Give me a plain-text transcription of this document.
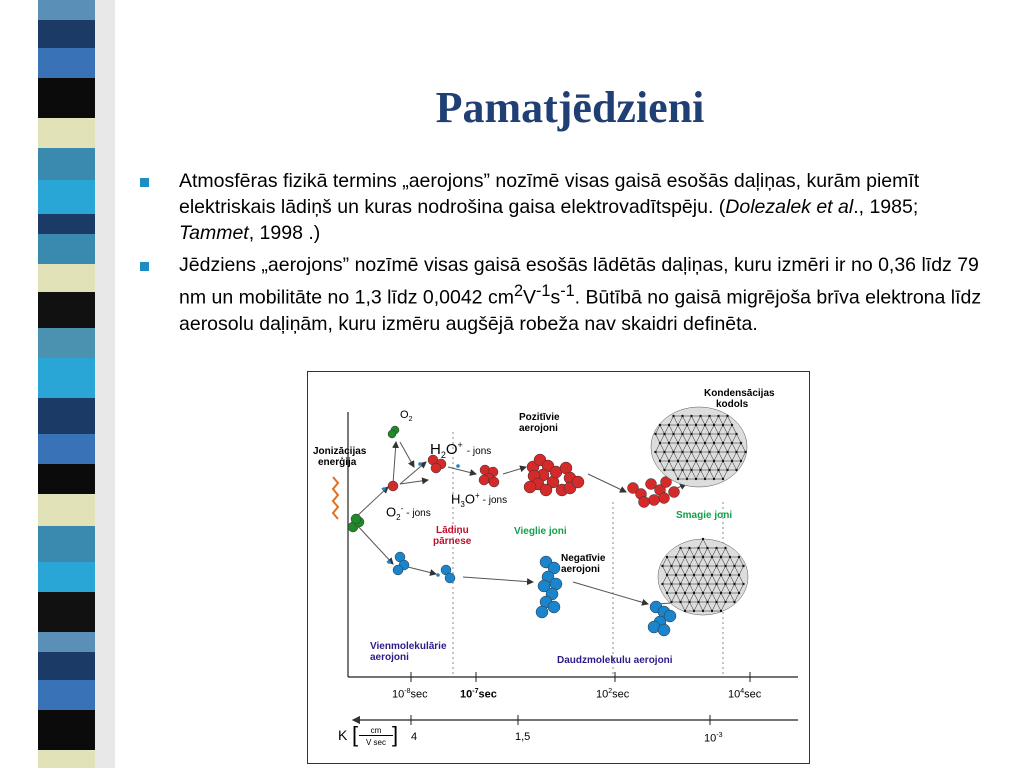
Pamatjēdzieni
Atmosfēras fizikā termins „aerojons” nozīmē visas gaisā esošās daļiņas, kurām piemīt elektriskais lādiņš un kuras nodrošina gaisa elektrovadītspēju. (Dolezalek et al., 1985; Tammet, 1998 .)
Jēdziens „aerojons” nozīmē visas gaisā esošās lādētās daļiņas, kuru izmēri ir no 0,36 līdz 79 nm un mobilitāte no 1,3 līdz 0,0042 $cm^2V^{-1}s^{-1}$. Būtībā no gaisā migrējoša brīva elektrona līdz aerosolu daļiņām, kuru izmēru augšējā robeža nav skaidri definēta.
Jonizācijas
enerģija
$O_2$
$H_2O^+-$ jons
$H_3O^+$ - jons
$O_2^-$ - jons
Pozitīvie
aerojoni
Kondensācijas
kodols
Lādiņu
pārnese
Vieglie joni
Smagie joni
Negatīvie
aerojoni
Vienmolekulārie
aerojoni	Daudzmolekulu aerojoni
$10^{-8}\sec$	$10^{-7}\sec$	$10^2\sec$	$10^4\sec$
K [	cm
V sec ] 4	1,5	$10^{-3}$
